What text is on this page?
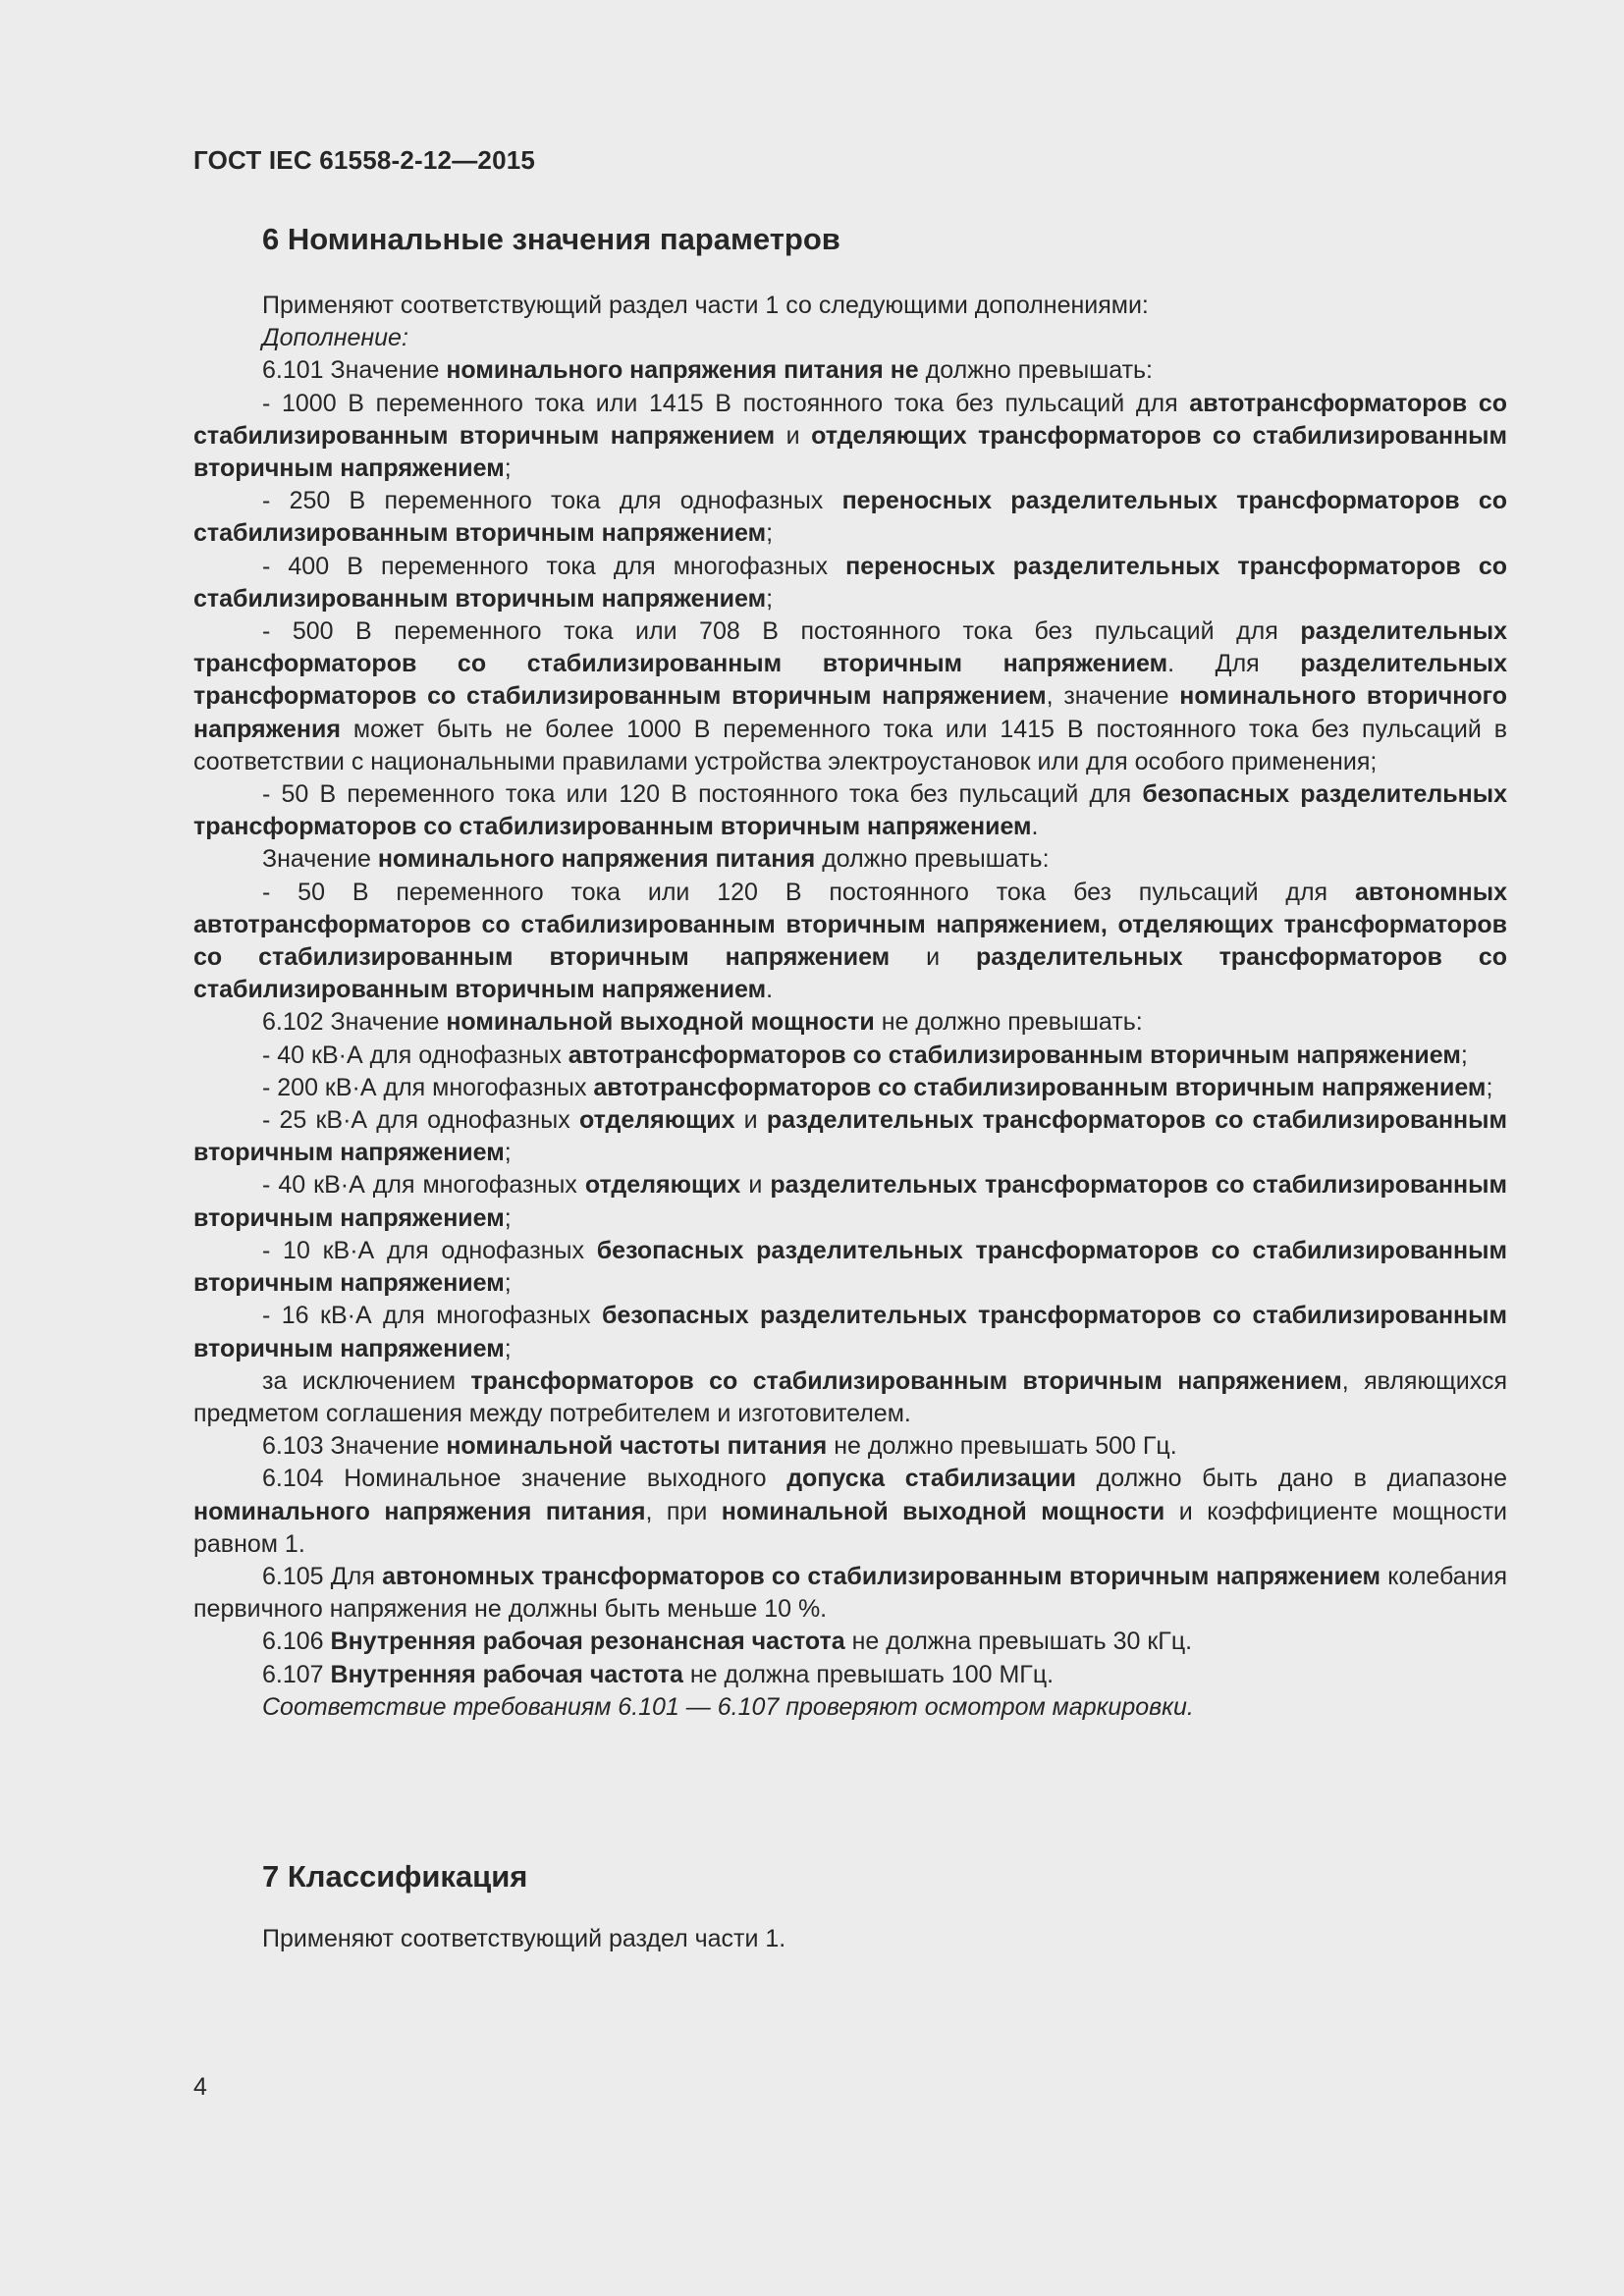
ГОСТ IEC 61558-2-12—2015

6 Номинальные значения параметров

Применяют соответствующий раздел части 1 со следующими дополнениями:

Дополнение:

6.101 Значение номинального напряжения питания не должно превышать:

- 1000 В переменного тока или 1415 В постоянного тока без пульсаций для автотрансформаторов со стабилизированным вторичным напряжением и отделяющих трансформаторов со стабилизированным вторичным напряжением;

- 250 В переменного тока для однофазных переносных разделительных трансформаторов со стабилизированным вторичным напряжением;

- 400 В переменного тока для многофазных переносных разделительных трансформаторов со стабилизированным вторичным напряжением;

- 500 В переменного тока или 708 В постоянного тока без пульсаций для разделительных трансформаторов со стабилизированным вторичным напряжением. Для разделительных трансформаторов со стабилизированным вторичным напряжением, значение номинального вторичного напряжения может быть не более 1000 В переменного тока или 1415 В постоянного тока без пульсаций в соответствии с национальными правилами устройства электроустановок или для особого применения;

- 50 В переменного тока или 120 В постоянного тока без пульсаций для безопасных разделительных трансформаторов со стабилизированным вторичным напряжением.

Значение номинального напряжения питания должно превышать:

- 50 В переменного тока или 120 В постоянного тока без пульсаций для автономных автотрансформаторов со стабилизированным вторичным напряжением, отделяющих трансформаторов со стабилизированным вторичным напряжением и разделительных трансформаторов со стабилизированным вторичным напряжением.

6.102 Значение номинальной выходной мощности не должно превышать:

- 40 кВ·А для однофазных автотрансформаторов со стабилизированным вторичным напряжением;

- 200 кВ·А для многофазных автотрансформаторов со стабилизированным вторичным напряжением;

- 25 кВ·А для однофазных отделяющих и разделительных трансформаторов со стабилизированным вторичным напряжением;

- 40 кВ·А для многофазных отделяющих и разделительных трансформаторов со стабилизированным вторичным напряжением;

- 10 кВ·А для однофазных безопасных разделительных трансформаторов со стабилизированным вторичным напряжением;

- 16 кВ·А для многофазных безопасных разделительных трансформаторов со стабилизированным вторичным напряжением;

за исключением трансформаторов со стабилизированным вторичным напряжением, являющихся предметом соглашения между потребителем и изготовителем.

6.103 Значение номинальной частоты питания не должно превышать 500 Гц.

6.104 Номинальное значение выходного допуска стабилизации должно быть дано в диапазоне номинального напряжения питания, при номинальной выходной мощности и коэффициенте мощности равном 1.

6.105 Для автономных трансформаторов со стабилизированным вторичным напряжением колебания первичного напряжения не должны быть меньше 10 %.

6.106 Внутренняя рабочая резонансная частота не должна превышать 30 кГц.

6.107 Внутренняя рабочая частота не должна превышать 100 МГц.

Соответствие требованиям 6.101 — 6.107 проверяют осмотром маркировки.

7 Классификация

Применяют соответствующий раздел части 1.

4
